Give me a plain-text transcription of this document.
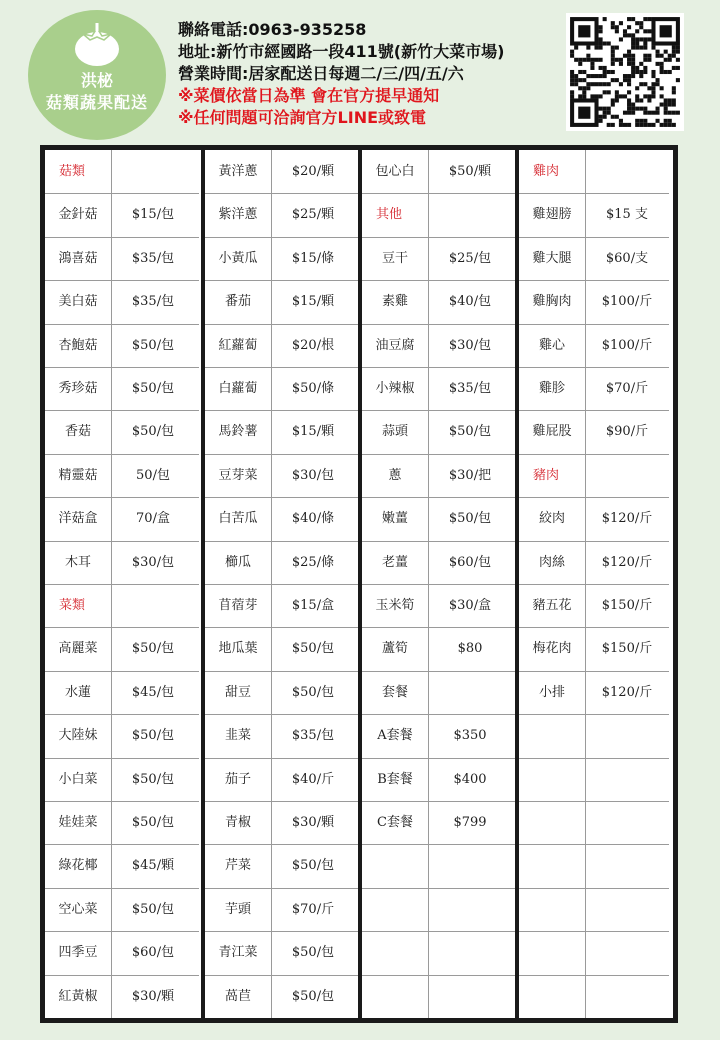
洪柲
菇類蔬果配送
聯絡電話:0963-935258
地址:新竹市經國路一段411號(新竹大菜市場)
營業時間:居家配送日每週二/三/四/五/六
※菜價依當日為準 會在官方提早通知
※任何問題可洽詢官方LINE或致電
菇類
金針菇	$15/包
鴻喜菇	$35/包
美白菇	$35/包
杏鮑菇	$50/包
秀珍菇	$50/包
香菇	$50/包
精靈菇	50/包
洋菇盒	70/盒
木耳	$30/包
菜類
高麗菜	$50/包
水蓮	$45/包
大陸妹	$50/包
小白菜	$50/包
娃娃菜	$50/包
綠花椰	$45/顆
空心菜	$50/包
四季豆	$60/包
紅黃椒	$30/顆
黃洋蔥	$20/顆
紫洋蔥	$25/顆
小黃瓜	$15/條
番茄	$15/顆
紅蘿蔔	$20/根
白蘿蔔	$50/條
馬鈴薯	$15/顆
豆芽菜	$30/包
白苦瓜	$40/條
櫛瓜	$25/條
苜蓿芽	$15/盒
地瓜葉	$50/包
甜豆	$50/包
韭菜	$35/包
茄子	$40/斤
青椒	$30/顆
芹菜	$50/包
芋頭	$70/斤
青江菜	$50/包
萵苣	$50/包
包心白	$50/顆
其他
豆干	$25/包
素雞	$40/包
油豆腐	$30/包
小辣椒	$35/包
蒜頭	$50/包
蔥	$30/把
嫩薑	$50/包
老薑	$60/包
玉米筍	$30/盒
蘆筍	$80
套餐
A套餐	$350
B套餐	$400
C套餐	$799
雞肉
雞翅膀	$15 支
雞大腿	$60/支
雞胸肉	$100/斤
雞心	$100/斤
雞胗	$70/斤
雞屁股	$90/斤
豬肉
絞肉	$120/斤
肉絲	$120/斤
豬五花	$150/斤
梅花肉	$150/斤
小排	$120/斤
